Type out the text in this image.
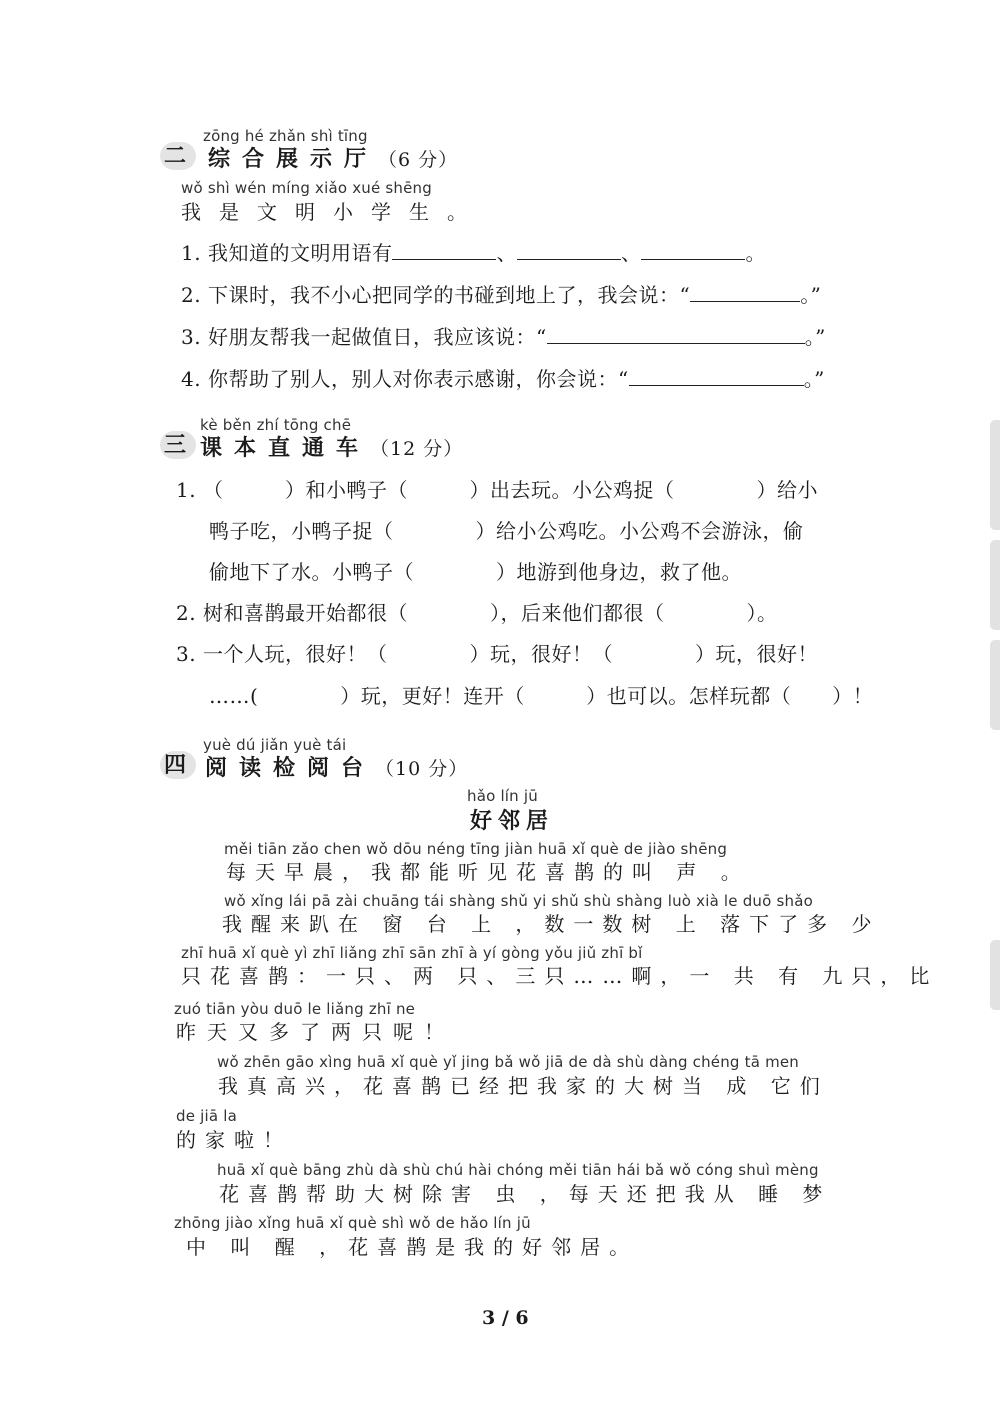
zōng hé zhǎn shì tīng
二 综合展示厅（6 分）
wǒ shì wén míng xiǎo xué shēng
我是文明小学生。
1. 我知道的文明用语有	、	、	。
2. 下课时，我不小心把同学的书碰到地上了，我会说：“	。”
3. 好朋友帮我一起做值日，我应该说：“	。”
4. 你帮助了别人，别人对你表示感谢，你会说：“	。”
kè běn zhí tōng chē
三 课本直通车（12 分）
1. （　　　）和小鸭子（　　　）出去玩。小公鸡捉（　　　　）给小
鸭子吃，小鸭子捉（　　　　）给小公鸡吃。小公鸡不会游泳，偷
偷地下了水。小鸭子（　　　　）地游到他身边，救了他。
2. 树和喜鹊最开始都很（　　　　），后来他们都很（　　　　）。
3. 一个人玩，很好！（　　　　）玩，很好！（　　　　）玩，很好！
……(　　　　）玩，更好！连开（　　　）也可以。怎样玩都（　　）！
yuè dú jiǎn yuè tái
四 阅读检阅台（10 分）
hǎo lín jū
好邻居
měi tiān zǎo chen wǒ dōu néng tīng jiàn huā xǐ què de jiào shēng
每天早晨，我都能听见花喜鹊的叫 声 。
wǒ xǐng lái pā zài chuāng tái shàng shǔ yi shǔ shù shàng luò xià le duō shǎo
我醒来趴在 窗 台 上 ，数一数树 上 落下了多 少
zhī huā xǐ què yì zhī liǎng zhī sān zhī à yí gòng yǒu jiǔ zhī bǐ
只花喜鹊：一只、两 只、三只……啊，一 共 有 九只，比
zuó tiān yòu duō le liǎng zhī ne
昨天又多了两只呢！
wǒ zhēn gāo xìng huā xǐ què yǐ jing bǎ wǒ jiā de dà shù dàng chéng tā men
我真高兴，花喜鹊已经把我家的大树当 成 它们
de jiā la
的家啦！
huā xǐ què bāng zhù dà shù chú hài chóng měi tiān hái bǎ wǒ cóng shuì mèng
花喜鹊帮助大树除害 虫 ，每天还把我从 睡 梦
zhōng jiào xǐng huā xǐ què shì wǒ de hǎo lín jū
中 叫 醒 ，花喜鹊是我的好邻居。
3 / 6
